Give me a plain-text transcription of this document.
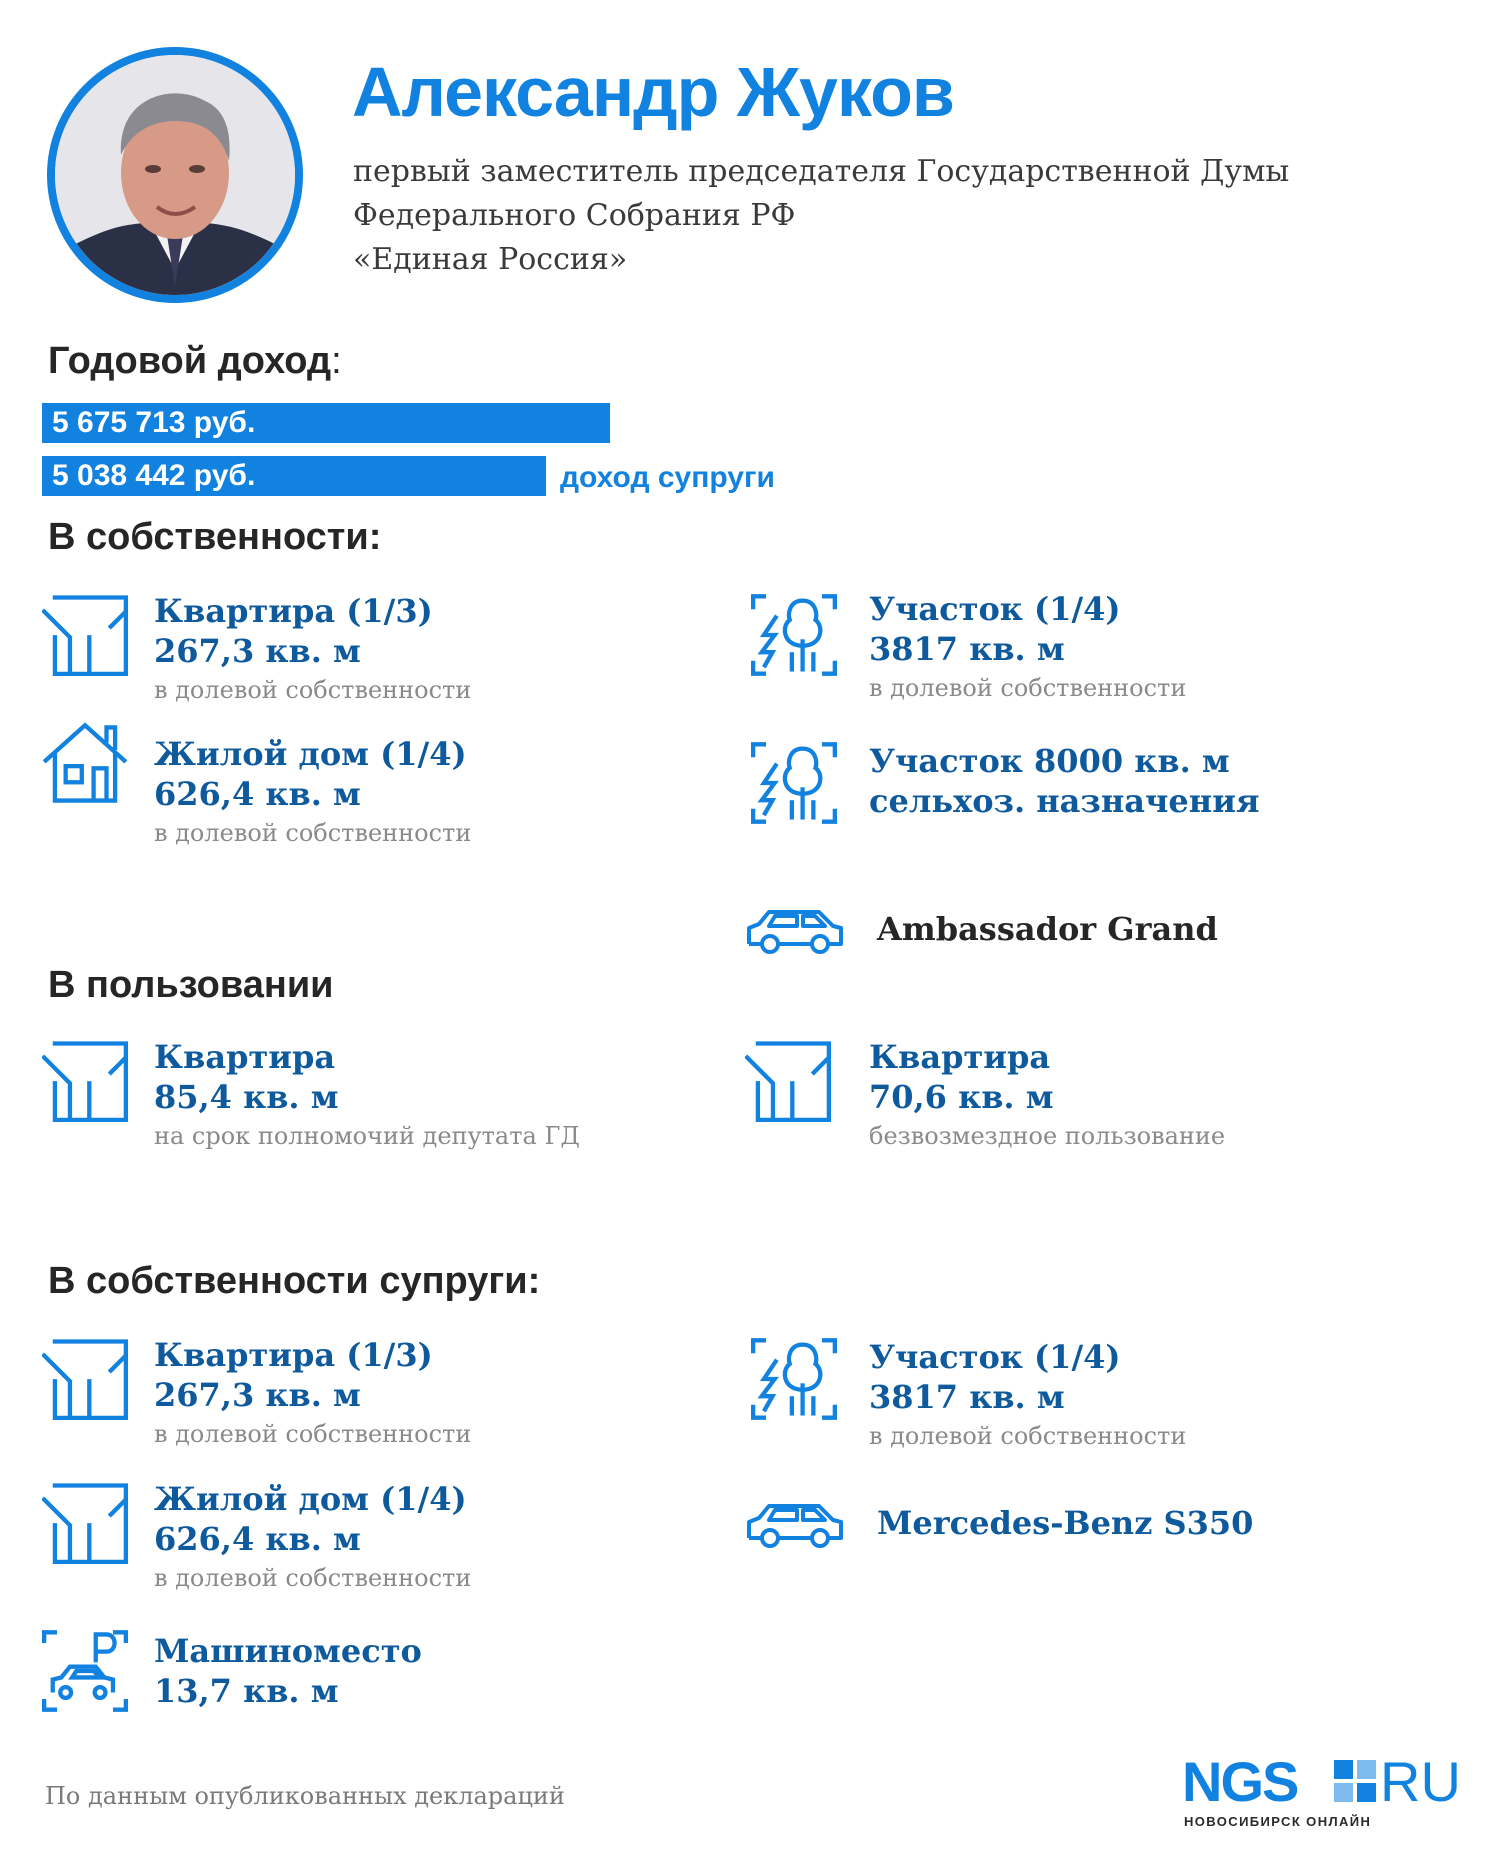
Александр Жуков
первый заместитель председателя Государственной Думы
Федерального Собрания РФ
«Единая Россия»
Годовой доход:
5 675 713 руб.
5 038 442 руб.	доход супруги
В собственности:
Квартира (1/3)
267,3 кв. м
в долевой собственности
Жилой дом (1/4)
626,4 кв. м
в долевой собственности
Участок (1/4)
3817 кв. м
в долевой собственности
Участок 8000 кв. м
сельхоз. назначения
Ambassador Grand
В пользовании
Квартира
85,4 кв. м
на срок полномочий депутата ГД
Квартира
70,6 кв. м
безвозмездное пользование
В собственности супруги:
Квартира (1/3)
267,3 кв. м
в долевой собственности
Жилой дом (1/4)
626,4 кв. м
в долевой собственности
Машиноместо
13,7 кв. м
Участок (1/4)
3817 кв. м
в долевой собственности
Mercedes-Benz S350
По данным опубликованных деклараций	NGS RU
НОВОСИБИРСК ОНЛАЙН
